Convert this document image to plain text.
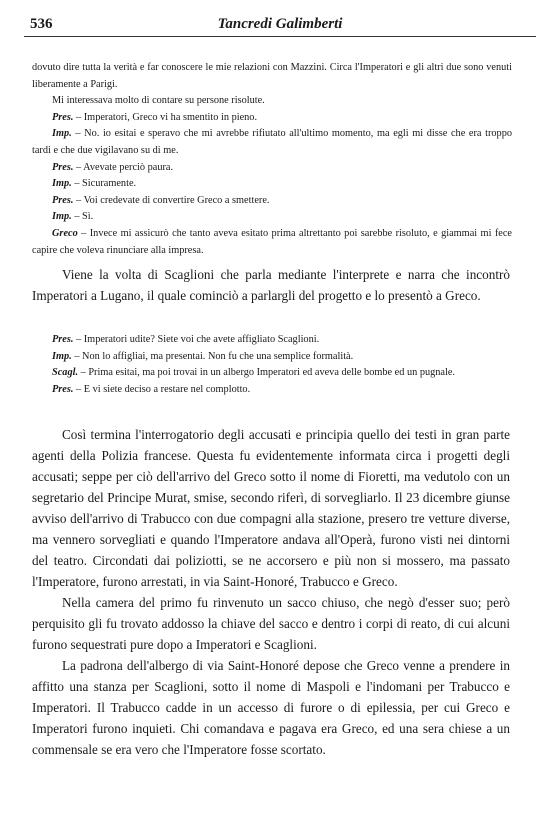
536	Tancredi Galimberti

dovuto dire tutta la verità e far conoscere le mie relazioni con Mazzini. Circa l'Imperatori e gli altri due sono venuti liberamente a Parigi.

Mi interessava molto di contare su persone risolute.

Pres. – Imperatori, Greco vi ha smentito in pieno.

Imp. – No. io esitai e speravo che mi avrebbe rifiutato all'ultimo momento, ma egli mi disse che era troppo tardi e che due vigilavano su di me.

Pres. – Avevate perciò paura.

Imp. – Sicuramente.

Pres. – Voi credevate di convertire Greco a smettere.

Imp. – Sì.

Greco – Invece mi assicurò che tanto aveva esitato prima altrettanto poi sarebbe risoluto, e giammai mi fece capire che voleva rinunciare alla impresa.

Viene la volta di Scaglioni che parla mediante l'interprete e narra che incontrò Imperatori a Lugano, il quale cominciò a parlargli del progetto e lo presentò a Greco.

Pres. – Imperatori udite? Siete voi che avete affigliato Scaglioni.

Imp. – Non lo affigliai, ma presentai. Non fu che una semplice formalità.

Scagl. – Prima esitai, ma poi trovai in un albergo Imperatori ed aveva delle bombe ed un pugnale.

Pres. – E vi siete deciso a restare nel complotto.

Così termina l'interrogatorio degli accusati e principia quello dei testi in gran parte agenti della Polizia francese. Questa fu evidentemente informata circa i progetti degli accusati; seppe per ciò dell'arrivo del Greco sotto il nome di Fioretti, ma vedutolo con un segretario del Principe Murat, smise, secondo riferì, di sorvegliarlo. Il 23 dicembre giunse avviso dell'arrivo di Trabucco con due compagni alla stazione, presero tre vetture diverse, ma vennero sorvegliati e quando l'Imperatore andava all'Operà, furono visti nei dintorni del teatro. Circondati dai poliziotti, se ne accorsero e più non si mossero, ma passato l'Imperatore, furono arrestati, in via Saint-Honoré, Trabucco e Greco.

Nella camera del primo fu rinvenuto un sacco chiuso, che negò d'esser suo; però perquisito gli fu trovato addosso la chiave del sacco e dentro i corpi di reato, di cui alcuni furono sequestrati pure dopo a Imperatori e Scaglioni.

La padrona dell'albergo di via Saint-Honoré depose che Greco venne a prendere in affitto una stanza per Scaglioni, sotto il nome di Maspoli e l'indomani per Trabucco e Imperatori. Il Trabucco cadde in un accesso di furore o di epilessia, per cui Greco e Imperatori furono inquieti. Chi comandava e pagava era Greco, ed una sera chiese a un commensale se era vero che l'Imperatore fosse scortato.
